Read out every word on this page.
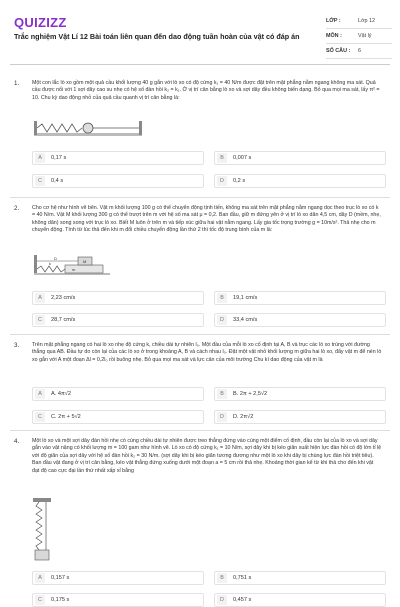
QUIZIZZ
Trắc nghiệm Vật Lí 12 Bài toán liên quan đến dao động tuần hoàn của vật có đáp án
LỚP :	Lớp 12
MÔN :	Vật lý
SỐ CÂU :	6
1. Một con lắc lò xo gồm một quả cầu khối lượng 40 g gắn với lò xo có độ cứng k₁ = 40 N/m được đặt trên mặt phẳng nằm ngang không ma sát. Quả cầu được nối với 1 sợi dây cao su nhẹ có hệ số đàn hồi k₂ = k₁. Ở vị trí cân bằng lò xo và sợi dây đều không biến dạng. Bỏ qua mọi ma sát, lấy π² = 10. Chu kỳ dao động nhỏ của quả cầu quanh vị trí cân bằng là:
A	0,17 s	B	0,007 s
C	0,4 s	D	0,2 s
2. Cho cơ hệ như hình vẽ bên. Vật m khối lượng 100 g có thể chuyển động tịnh tiến, không ma sát trên mặt phẳng nằm ngang dọc theo trục lò xo có k = 40 N/m. Vật M khối lượng 300 g có thể trượt trên m với hệ số ma sát μ = 0,2. Ban đầu, giữ m đứng yên ở vị trí lò xo dãn 4,5 cm, dây D (mềm, nhẹ, không dãn) song song với trục lò xo. Biết M luôn ở trên m và tiếp xúc giữa hai vật nằm ngang. Lấy gia tốc trọng trường g = 10m/s². Thả nhẹ cho m chuyển động. Tính từ lúc thả đến khi m đổi chiều chuyển động lần thứ 2 thì tốc độ trung bình của m là:
D
M
m
k
A	2,23 cm/s	B	19,1 cm/s
C	28,7 cm/s	D	33,4 cm/s
3. Trên mặt phẳng ngang có hai lò xo nhẹ độ cứng k, chiều dài tự nhiên l₀. Một đầu của mỗi lò xo cố định tại A, B và trục các lò xo trùng với đường thẳng qua AB. Đầu tự do còn lại của các lò xo ở trong khoảng A, B và cách nhau l₀. Đặt một vật nhỏ khối lượng m giữa hai lò xo, đẩy vật m để nén lò xo gắn với A một đoạn Δl = 0,2l₀ rồi buông nhẹ. Bỏ qua mọi ma sát và lực cản của môi trường Chu kì dao động của vật m là
A	A. 4π√2	B	B. 2π + 2,5√2
C	C. 2π + 5√2	D	D. 2π√2
4. Một lò xo và một sợi dây đàn hồi nhẹ có cùng chiều dài tự nhiên được treo thẳng đứng vào cùng một điểm cố định, đầu còn lại của lò xo và sợi dây gắn vào vật nặng có khối lượng m = 100 gam như hình vẽ. Lò xo có độ cứng k₁ = 10 N/m, sợi dây khi bị kéo giãn xuất hiện lực đàn hồi có độ lớn tỉ lệ với độ giãn của sợi dây với hệ số đàn hồi k₂ = 30 N/m. (sợi dây khi bị kéo giãn tương đương như một lò xo khi dây bị chùng lực đàn hồi triệt tiêu). Ban đầu vật đang ở vị trí cân bằng, kéo vật thẳng đứng xuống dưới một đoạn a = 5 cm rồi thả nhẹ. Khoảng thời gian kể từ khi thả cho đến khi vật đạt độ cao cực đại lần thứ nhất xấp xỉ bằng
A	0,157 s	B	0,751 s
C	0,175 s	D	0,457 s
